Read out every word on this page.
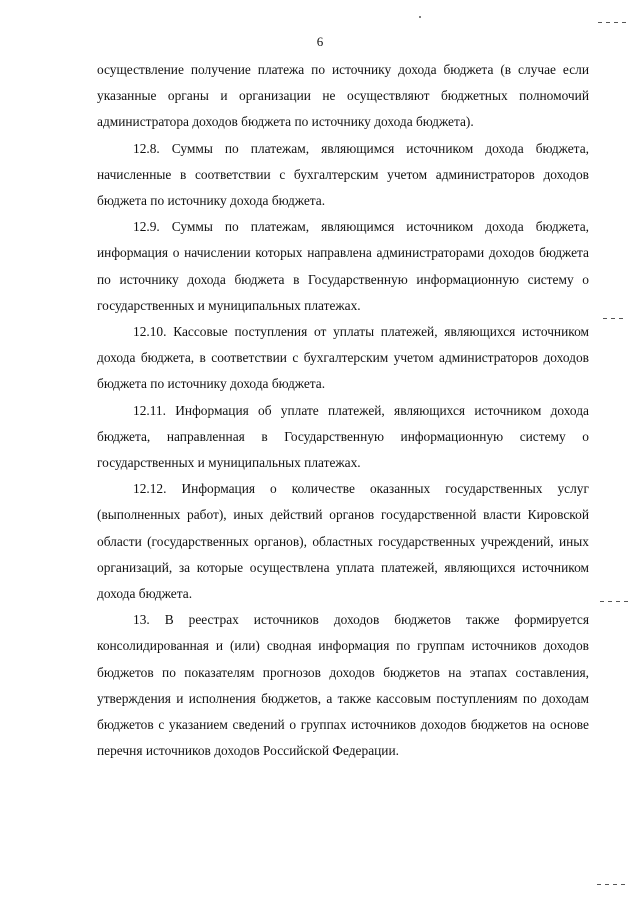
6

осуществление получение платежа по источнику дохода бюджета (в случае если указанные органы и организации не осуществляют бюджетных полномочий администратора доходов бюджета по источнику дохода бюджета).

12.8. Суммы по платежам, являющимся источником дохода бюджета, начисленные в соответствии с бухгалтерским учетом администраторов доходов бюджета по источнику дохода бюджета.

12.9. Суммы по платежам, являющимся источником дохода бюджета, информация о начислении которых направлена администраторами доходов бюджета по источнику дохода бюджета в Государственную информационную систему о государственных и муниципальных платежах.

12.10. Кассовые поступления от уплаты платежей, являющихся источником дохода бюджета, в соответствии с бухгалтерским учетом администраторов доходов бюджета по источнику дохода бюджета.

12.11. Информация об уплате платежей, являющихся источником дохода бюджета, направленная в Государственную информационную систему о государственных и муниципальных платежах.

12.12. Информация о количестве оказанных государственных услуг (выполненных работ), иных действий органов государственной власти Кировской области (государственных органов), областных государственных учреждений, иных организаций, за которые осуществлена уплата платежей, являющихся источником дохода бюджета.

13. В реестрах источников доходов бюджетов также формируется консолидированная и (или) сводная информация по группам источников доходов бюджетов по показателям прогнозов доходов бюджетов на этапах составления, утверждения и исполнения бюджетов, а также кассовым поступлениям по доходам бюджетов с указанием сведений о группах источников доходов бюджетов на основе перечня источников доходов Российской Федерации.
